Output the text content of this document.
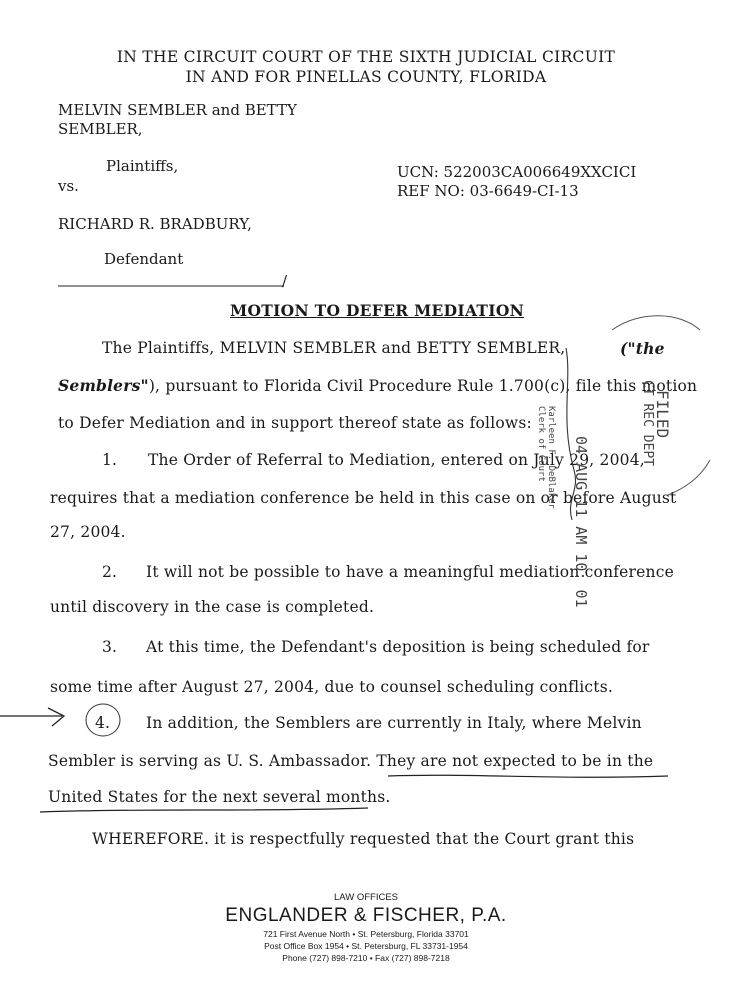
IN THE CIRCUIT COURT OF THE SIXTH JUDICIAL CIRCUIT
IN AND FOR PINELLAS COUNTY, FLORIDA
MELVIN SEMBLER and BETTY
SEMBLER,
Plaintiffs,
vs.
UCN: 522003CA006649XXCICI
REF NO: 03-6649-CI-13
RICHARD R. BRADBURY,
Defendant
/
MOTION TO DEFER MEDIATION
The Plaintiffs, MELVIN SEMBLER and BETTY SEMBLER,	("the
Semblers"), pursuant to Florida Civil Procedure Rule 1.700(c), file this motion
to Defer Mediation and in support thereof state as follows:
1. The Order of Referral to Mediation, entered on July 29, 2004,
requires that a mediation conference be held in this case on or before August
27, 2004.
2. It will not be possible to have a meaningful mediation conference
until discovery in the case is completed.
3. At this time, the Defendant's deposition is being scheduled for
some time after August 27, 2004, due to counsel scheduling conflicts.
4. In addition, the Semblers are currently in Italy, where Melvin
Sembler is serving as U. S. Ambassador. They are not expected to be in the
United States for the next several months.
WHEREFORE. it is respectfully requested that the Court grant this
04 AUG 11 AM 10: 01
FILED
CT REC DEPT
Karleen F. DeBlaker
Clerk of Court
LAW OFFICES
ENGLANDER & FISCHER, P.A.
721 First Avenue North • St. Petersburg, Florida 33701
Post Office Box 1954 • St. Petersburg, FL 33731-1954
Phone (727) 898-7210 • Fax (727) 898-7218
